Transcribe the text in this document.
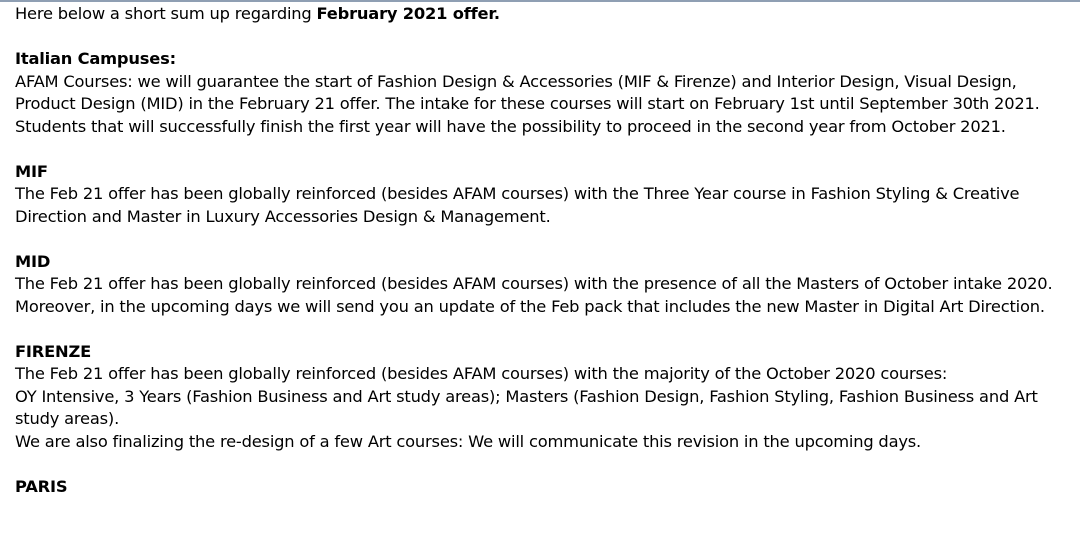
Here below a short sum up regarding February 2021 offer.

Italian Campuses:

AFAM Courses: we will guarantee the start of Fashion Design & Accessories (MIF & Firenze) and Interior Design, Visual Design, Product Design (MID) in the February 21 offer. The intake for these courses will start on February 1st until September 30th 2021. Students that will successfully finish the first year will have the possibility to proceed in the second year from October 2021.

MIF

The Feb 21 offer has been globally reinforced (besides AFAM courses) with the Three Year course in Fashion Styling & Creative Direction and Master in Luxury Accessories Design & Management.

MID

The Feb 21 offer has been globally reinforced (besides AFAM courses) with the presence of all the Masters of October intake 2020.

Moreover, in the upcoming days we will send you an update of the Feb pack that includes the new Master in Digital Art Direction.

FIRENZE

The Feb 21 offer has been globally reinforced (besides AFAM courses) with the majority of the October 2020 courses:

OY Intensive, 3 Years (Fashion Business and Art study areas); Masters (Fashion Design, Fashion Styling, Fashion Business and Art study areas).

We are also finalizing the re-design of a few Art courses: We will communicate this revision in the upcoming days.

PARIS
